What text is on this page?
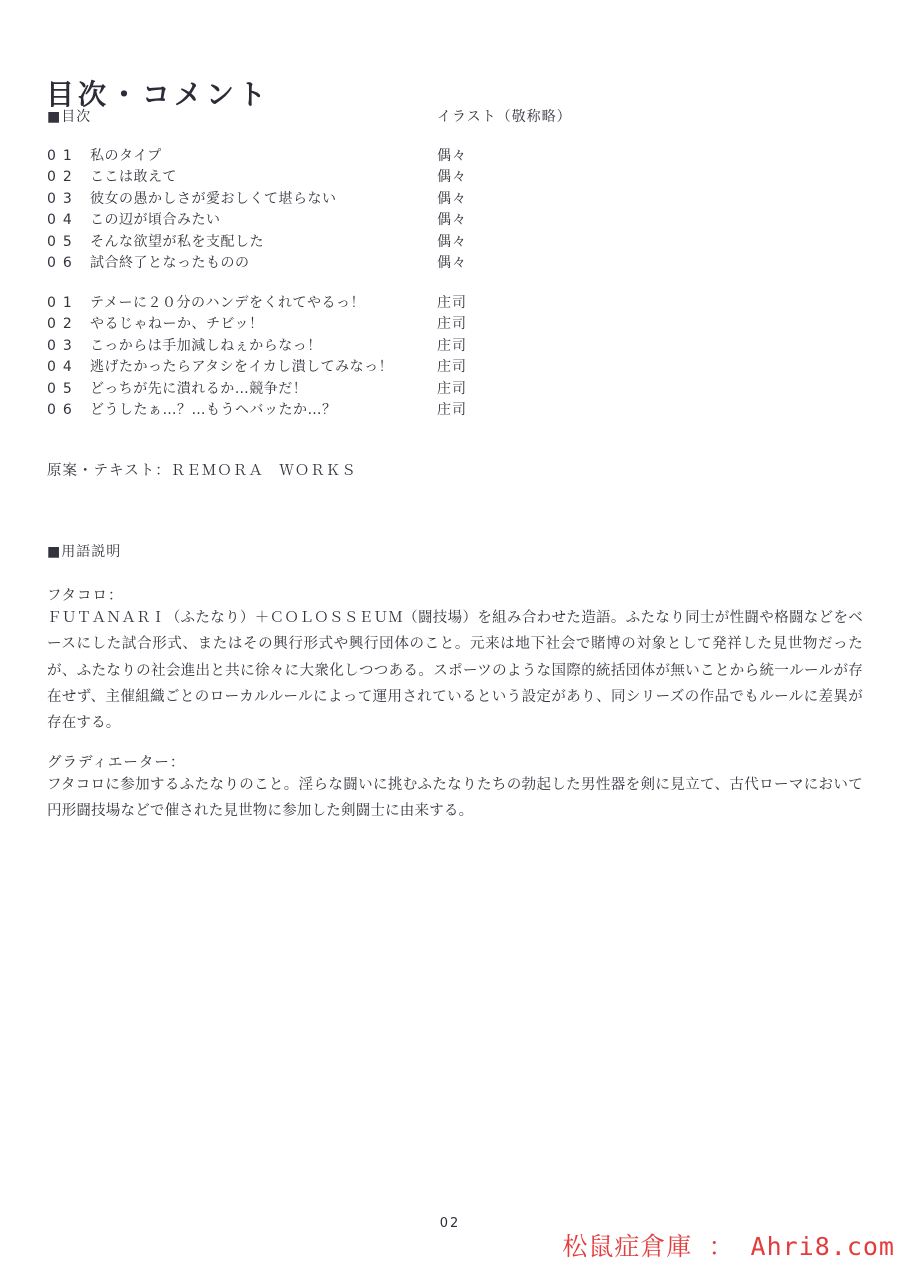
目次・コメント
■目次	イラスト（敬称略）
01 私のタイプ	偶々
02 ここは敢えて	偶々
03 彼女の愚かしさが愛おしくて堪らない	偶々
04 この辺が頃合みたい	偶々
05 そんな欲望が私を支配した	偶々
06 試合終了となったものの	偶々
01 テメーに２０分のハンデをくれてやるっ！	庄司
02 やるじゃねーか、チビッ！	庄司
03 こっからは手加減しねぇからなっ！	庄司
04 逃げたかったらアタシをイカし潰してみなっ！	庄司
05 どっちが先に潰れるか…競争だ！	庄司
06 どうしたぁ…？…もうヘバッたか…？	庄司
原案・テキスト：ＲＥＭＯＲＡ　ＷＯＲＫＳ
■用語説明
フタコロ：
ＦＵＴＡＮＡＲＩ（ふたなり）＋ＣＯＬＯＳＳＥＵＭ（闘技場）を組み合わせた造語。ふたなり同士が性闘や格闘などをベースにした試合形式、またはその興行形式や興行団体のこと。元来は地下社会で賭博の対象として発祥した見世物だったが、ふたなりの社会進出と共に徐々に大衆化しつつある。スポーツのような国際的統括団体が無いことから統一ルールが存在せず、主催組織ごとのローカルルールによって運用されているという設定があり、同シリーズの作品でもルールに差異が存在する。
グラディエーター：
フタコロに参加するふたなりのこと。淫らな闘いに挑むふたなりたちの勃起した男性器を剣に見立て、古代ローマにおいて円形闘技場などで催された見世物に参加した剣闘士に由来する。
02
松鼠症倉庫 ： Ahri8.com
